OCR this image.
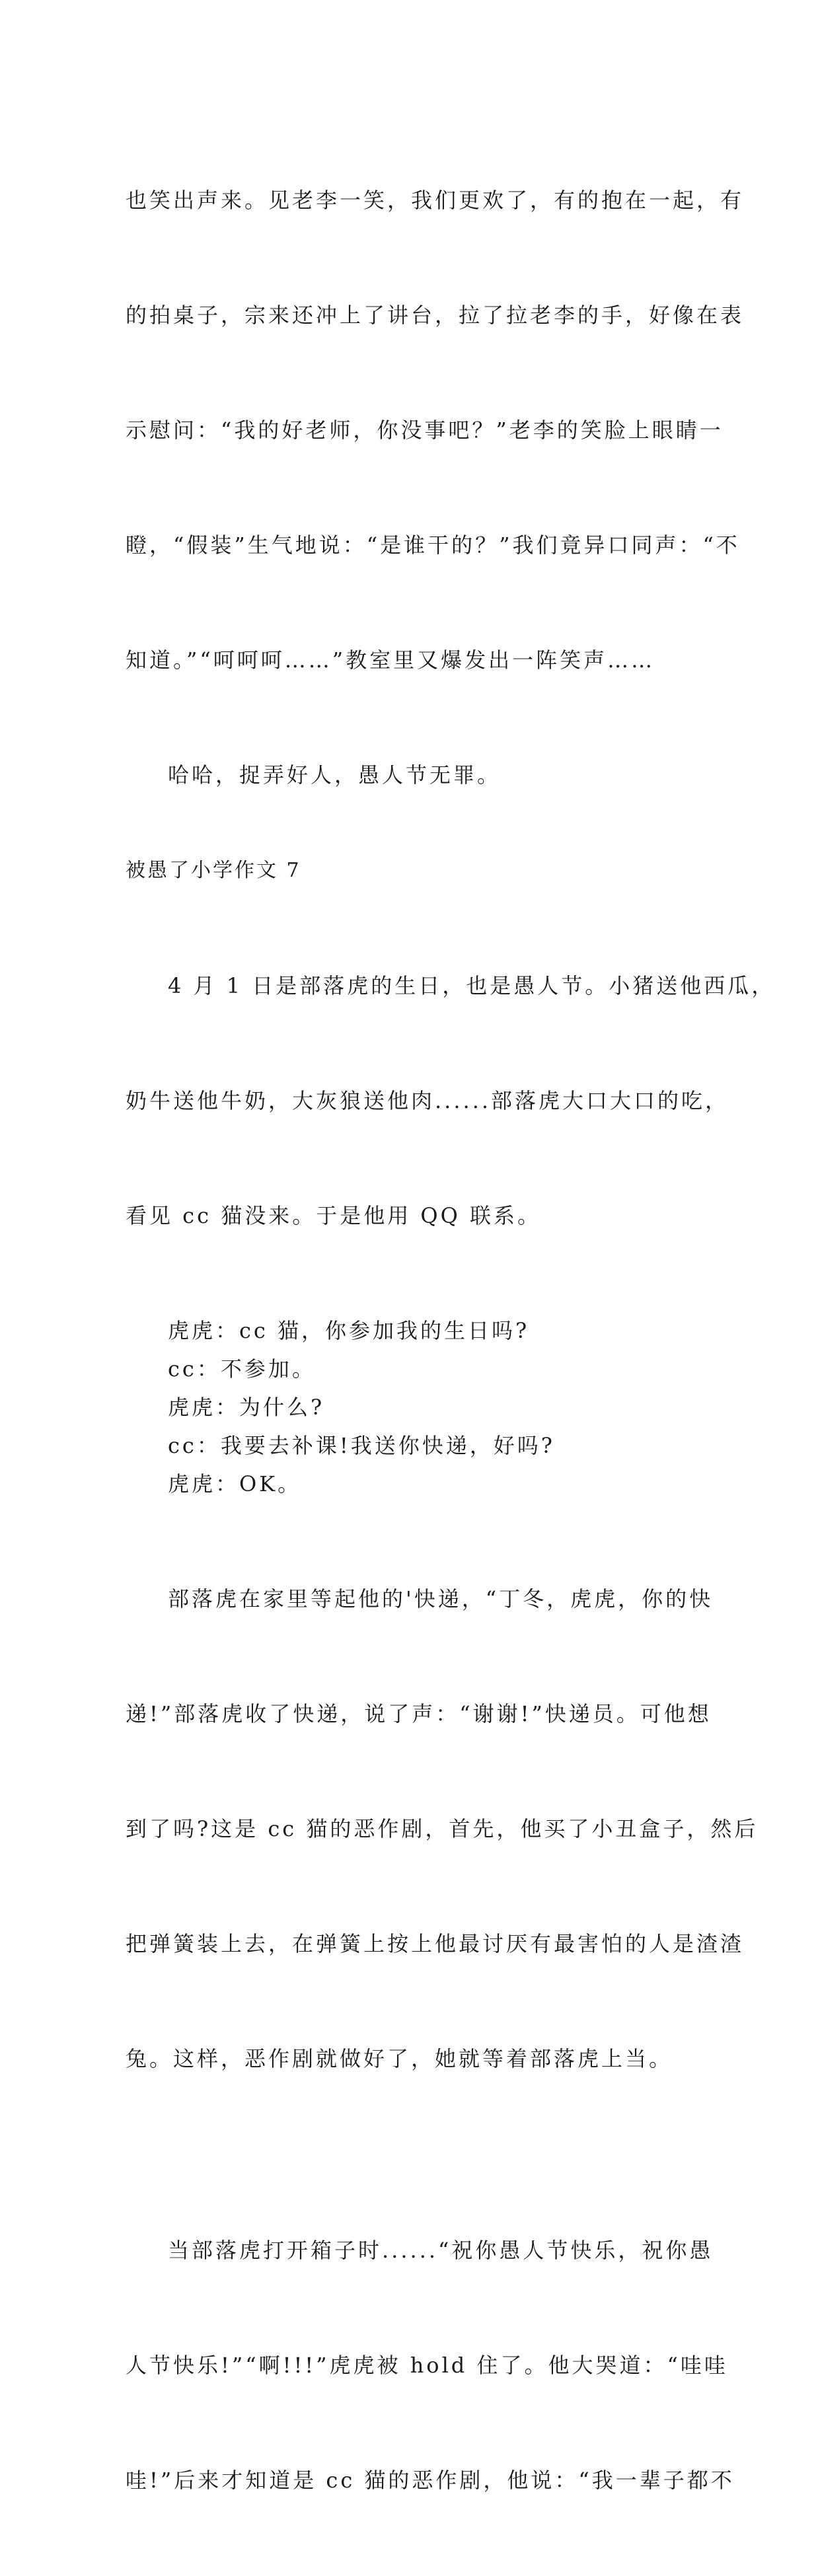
也笑出声来。见老李一笑，我们更欢了，有的抱在一起，有

的拍桌子，宗来还冲上了讲台，拉了拉老李的手，好像在表

示慰问：“我的好老师，你没事吧？”老李的笑脸上眼睛一

瞪，“假装”生气地说：“是谁干的？”我们竟异口同声：“不

知道。”“呵呵呵……”教室里又爆发出一阵笑声……

哈哈，捉弄好人，愚人节无罪。

被愚了小学作文 7

4 月 1 日是部落虎的生日，也是愚人节。小猪送他西瓜，

奶牛送他牛奶，大灰狼送他肉......部落虎大口大口的吃，

看见 cc 猫没来。于是他用 QQ 联系。

虎虎：cc 猫，你参加我的生日吗?
cc：不参加。
虎虎：为什么?
cc：我要去补课!我送你快递，好吗?
虎虎：OK。

部落虎在家里等起他的'快递，“丁冬，虎虎，你的快

递!”部落虎收了快递，说了声：“谢谢!”快递员。可他想

到了吗?这是 cc 猫的恶作剧，首先，他买了小丑盒子，然后

把弹簧装上去，在弹簧上按上他最讨厌有最害怕的人是渣渣

兔。这样，恶作剧就做好了，她就等着部落虎上当。

当部落虎打开箱子时......“祝你愚人节快乐，祝你愚

人节快乐!”“啊!!!”虎虎被 hold 住了。他大哭道：“哇哇

哇!”后来才知道是 cc 猫的恶作剧，他说：“我一辈子都不
